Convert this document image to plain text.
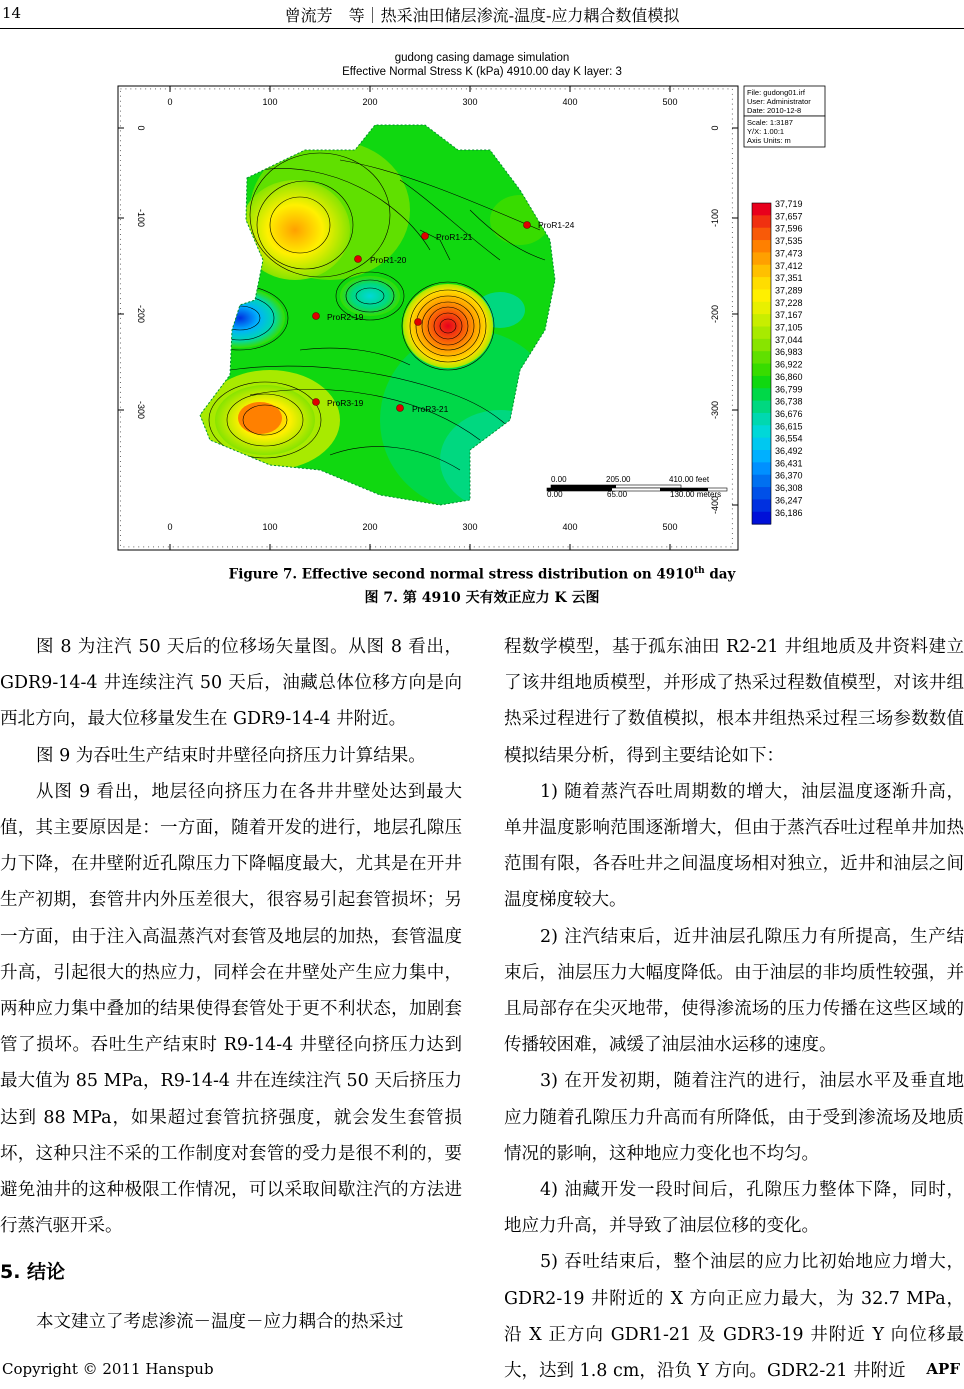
14	曾流芳　等｜热采油田储层渗流-温度-应力耦合数值模拟
gudong casing damage simulation
Effective Normal Stress K (kPa) 4910.00 day K layer: 3
0	100	200	300	400	500
0	100	200	300	400	500
0
-100
-200
-300
0
-100
-200
-300
-400
ProR1-24
ProR1-21
ProR1-20
ProR2-19
ProR3-19
ProR3-21
0.00	205.00	410.00 feet
0.00	65.00	130.00 meters
File: gudong01.irf
User: Administrator
Date: 2010-12-8
Scale: 1:3187
Y/X: 1.00:1
Axis Units: m
37,719
37,657
37,596
37,535
37,473
37,412
37,351
37,289
37,228
37,167
37,105
37,044
36,983
36,922
36,860
36,799
36,738
36,676
36,615
36,554
36,492
36,431
36,370
36,308
36,247
36,186
Figure 7. Effective second normal stress distribution on 4910th day
图 7. 第 4910 天有效正应力 K 云图

图 8 为注汽 50 天后的位移场矢量图。从图 8 看出，GDR9-14-4 井连续注汽 50 天后，油藏总体位移方向是向西北方向，最大位移量发生在 GDR9-14-4 井附近。

图 9 为吞吐生产结束时井壁径向挤压力计算结果。

从图 9 看出，地层径向挤压力在各井井壁处达到最大值，其主要原因是：一方面，随着开发的进行，地层孔隙压力下降，在井壁附近孔隙压力下降幅度最大，尤其是在开井生产初期，套管井内外压差很大，很容易引起套管损坏；另一方面，由于注入高温蒸汽对套管及地层的加热，套管温度升高，引起很大的热应力，同样会在井壁处产生应力集中，两种应力集中叠加的结果使得套管处于更不利状态，加剧套管了损坏。吞吐生产结束时 R9-14-4 井壁径向挤压力达到最大值为 85 MPa，R9-14-4 井在连续注汽 50 天后挤压力达到 88 MPa，如果超过套管抗挤强度，就会发生套管损坏，这种只注不采的工作制度对套管的受力是很不利的，要避免油井的这种极限工作情况，可以采取间歇注汽的方法进行蒸汽驱开采。

5. 结论

本文建立了考虑渗流－温度－应力耦合的热采过

程数学模型，基于孤东油田 R2-21 井组地质及井资料建立了该井组地质模型，并形成了热采过程数值模型，对该井组热采过程进行了数值模拟，根本井组热采过程三场参数数值模拟结果分析，得到主要结论如下：

1) 随着蒸汽吞吐周期数的增大，油层温度逐渐升高，单井温度影响范围逐渐增大，但由于蒸汽吞吐过程单井加热范围有限，各吞吐井之间温度场相对独立，近井和油层之间温度梯度较大。

2) 注汽结束后，近井油层孔隙压力有所提高，生产结束后，油层压力大幅度降低。由于油层的非均质性较强，并且局部存在尖灭地带，使得渗流场的压力传播在这些区域的传播较困难，减缓了油层油水运移的速度。

3) 在开发初期，随着注汽的进行，油层水平及垂直地应力随着孔隙压力升高而有所降低，由于受到渗流场及地质情况的影响，这种地应力变化也不均匀。

4) 油藏开发一段时间后，孔隙压力整体下降，同时，地应力升高，并导致了油层位移的变化。

5) 吞吐结束后，整个油层的应力比初始地应力增大，GDR2-19 井附近的 X 方向正应力最大，为 32.7 MPa，沿 X 正方向 GDR1-21 及 GDR3-19 井附近 Y 向位移最大，达到 1.8 cm，沿负 Y 方向。GDR2-21 井附近

Copyright © 2011 Hanspub	APF
